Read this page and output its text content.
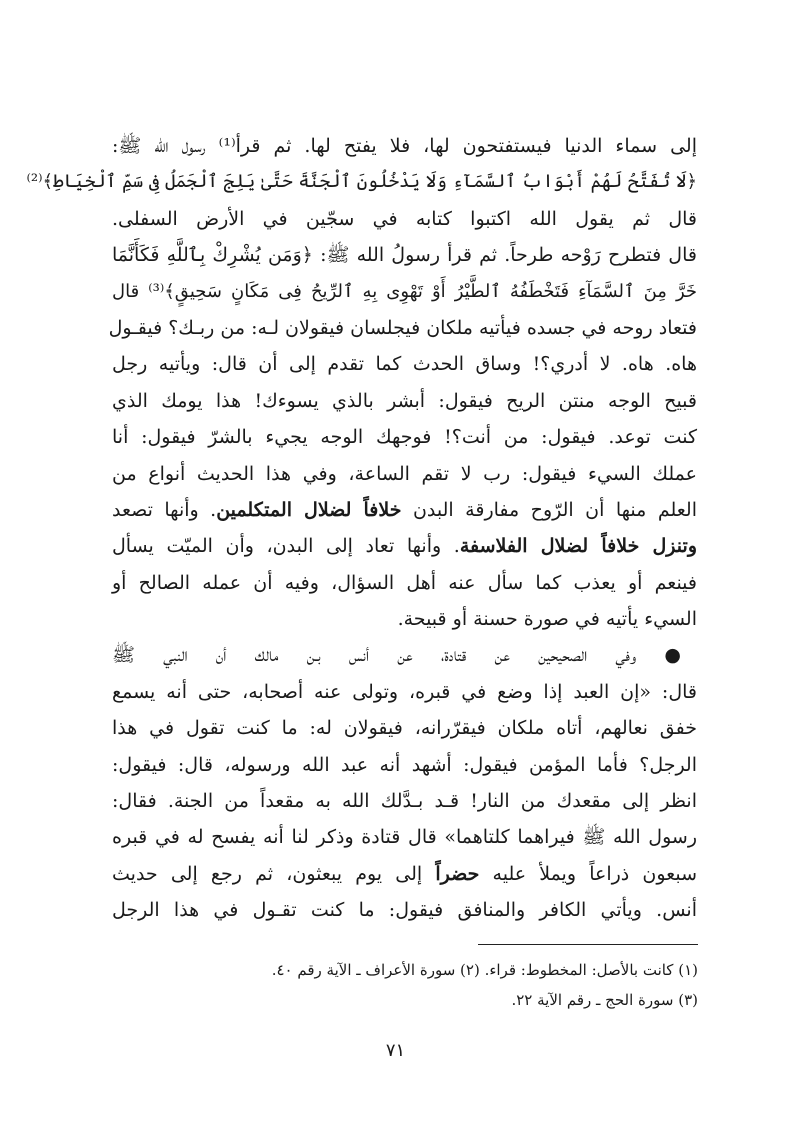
إلى سماء الدنيا فيستفتحون لها، فلا يفتح لها. ثم قرأ⁽¹⁾ رسول الله ﷺ:
﴿لَا تُفَتَّحُ لَهُمْ أَبْوَابُ ٱلسَّمَآءِ وَلَا يَدْخُلُونَ ٱلْجَنَّةَ حَتَّىٰ يَلِجَ ٱلْجَمَلُ فِى سَمِّ ٱلْخِيَاطِ﴾⁽²⁾
قال ثم يقول الله اكتبوا كتابه في سجّين في الأرض السفلى.
قال فتطرح رَوْحه طرحاً. ثم قرأ رسولُ الله ﷺ: ﴿وَمَن يُشْرِكْ بِٱللَّهِ فَكَأَنَّمَا
خَرَّ مِنَ ٱلسَّمَآءِ فَتَخْطَفُهُ ٱلطَّيْرُ أَوْ تَهْوِى بِهِ ٱلرِّيحُ فِى مَكَانٍ سَحِيقٍ﴾⁽³⁾ قال
فتعاد روحه في جسده فيأتيه ملكان فيجلسان فيقولان لـه: من ربـك؟ فيقـول
هاه. هاه. لا أدري؟! وساق الحدث كما تقدم إلى أن قال: ويأتيه رجل
قبيح الوجه منتن الريح فيقول: أبشر بالذي يسوءك! هذا يومك الذي
كنت توعد. فيقول: من أنت؟! فوجهك الوجه يجيء بالشرّ فيقول: أنا
عملك السيء فيقول: رب لا تقم الساعة، وفي هذا الحديث أنواع من
العلم منها أن الرّوح مفارقة البدن خلافاً لضلال المتكلمين. وأنها تصعد
وتنزل خلافاً لضلال الفلاسفة. وأنها تعاد إلى البدن، وأن الميّت يسأل
فينعم أو يعذب كما سأل عنه أهل السؤال، وفيه أن عمله الصالح أو
السيء يأتيه في صورة حسنة أو قبيحة.
● وفي الصحيحين عن قتادة، عن أنس بـن مالك أن النبي ﷺ
قال: «إن العبد إذا وضع في قبره، وتولى عنه أصحابه، حتى أنه يسمع
خفق نعالهم، أتاه ملكان فيقرّرانه، فيقولان له: ما كنت تقول في هذا
الرجل؟ فأما المؤمن فيقول: أشهد أنه عبد الله ورسوله، قال: فيقول:
انظر إلى مقعدك من النار! قـد بـدَّلك الله به مقعداً من الجنة. فقال:
رسول الله ﷺ فيراهما كلتاهما» قال قتادة وذكر لنا أنه يفسح له في قبره
سبعون ذراعاً ويملأ عليه حضراً إلى يوم يبعثون، ثم رجع إلى حديث
أنس. ويأتي الكافر والمنافق فيقول: ما كنت تقـول في هذا الرجل
(١) كانت بالأصل: المخطوط: قراء. (٢) سورة الأعراف ـ الآية رقم ٤٠.
(٣) سورة الحج ـ رقم الآية ٢٢.
٧١
